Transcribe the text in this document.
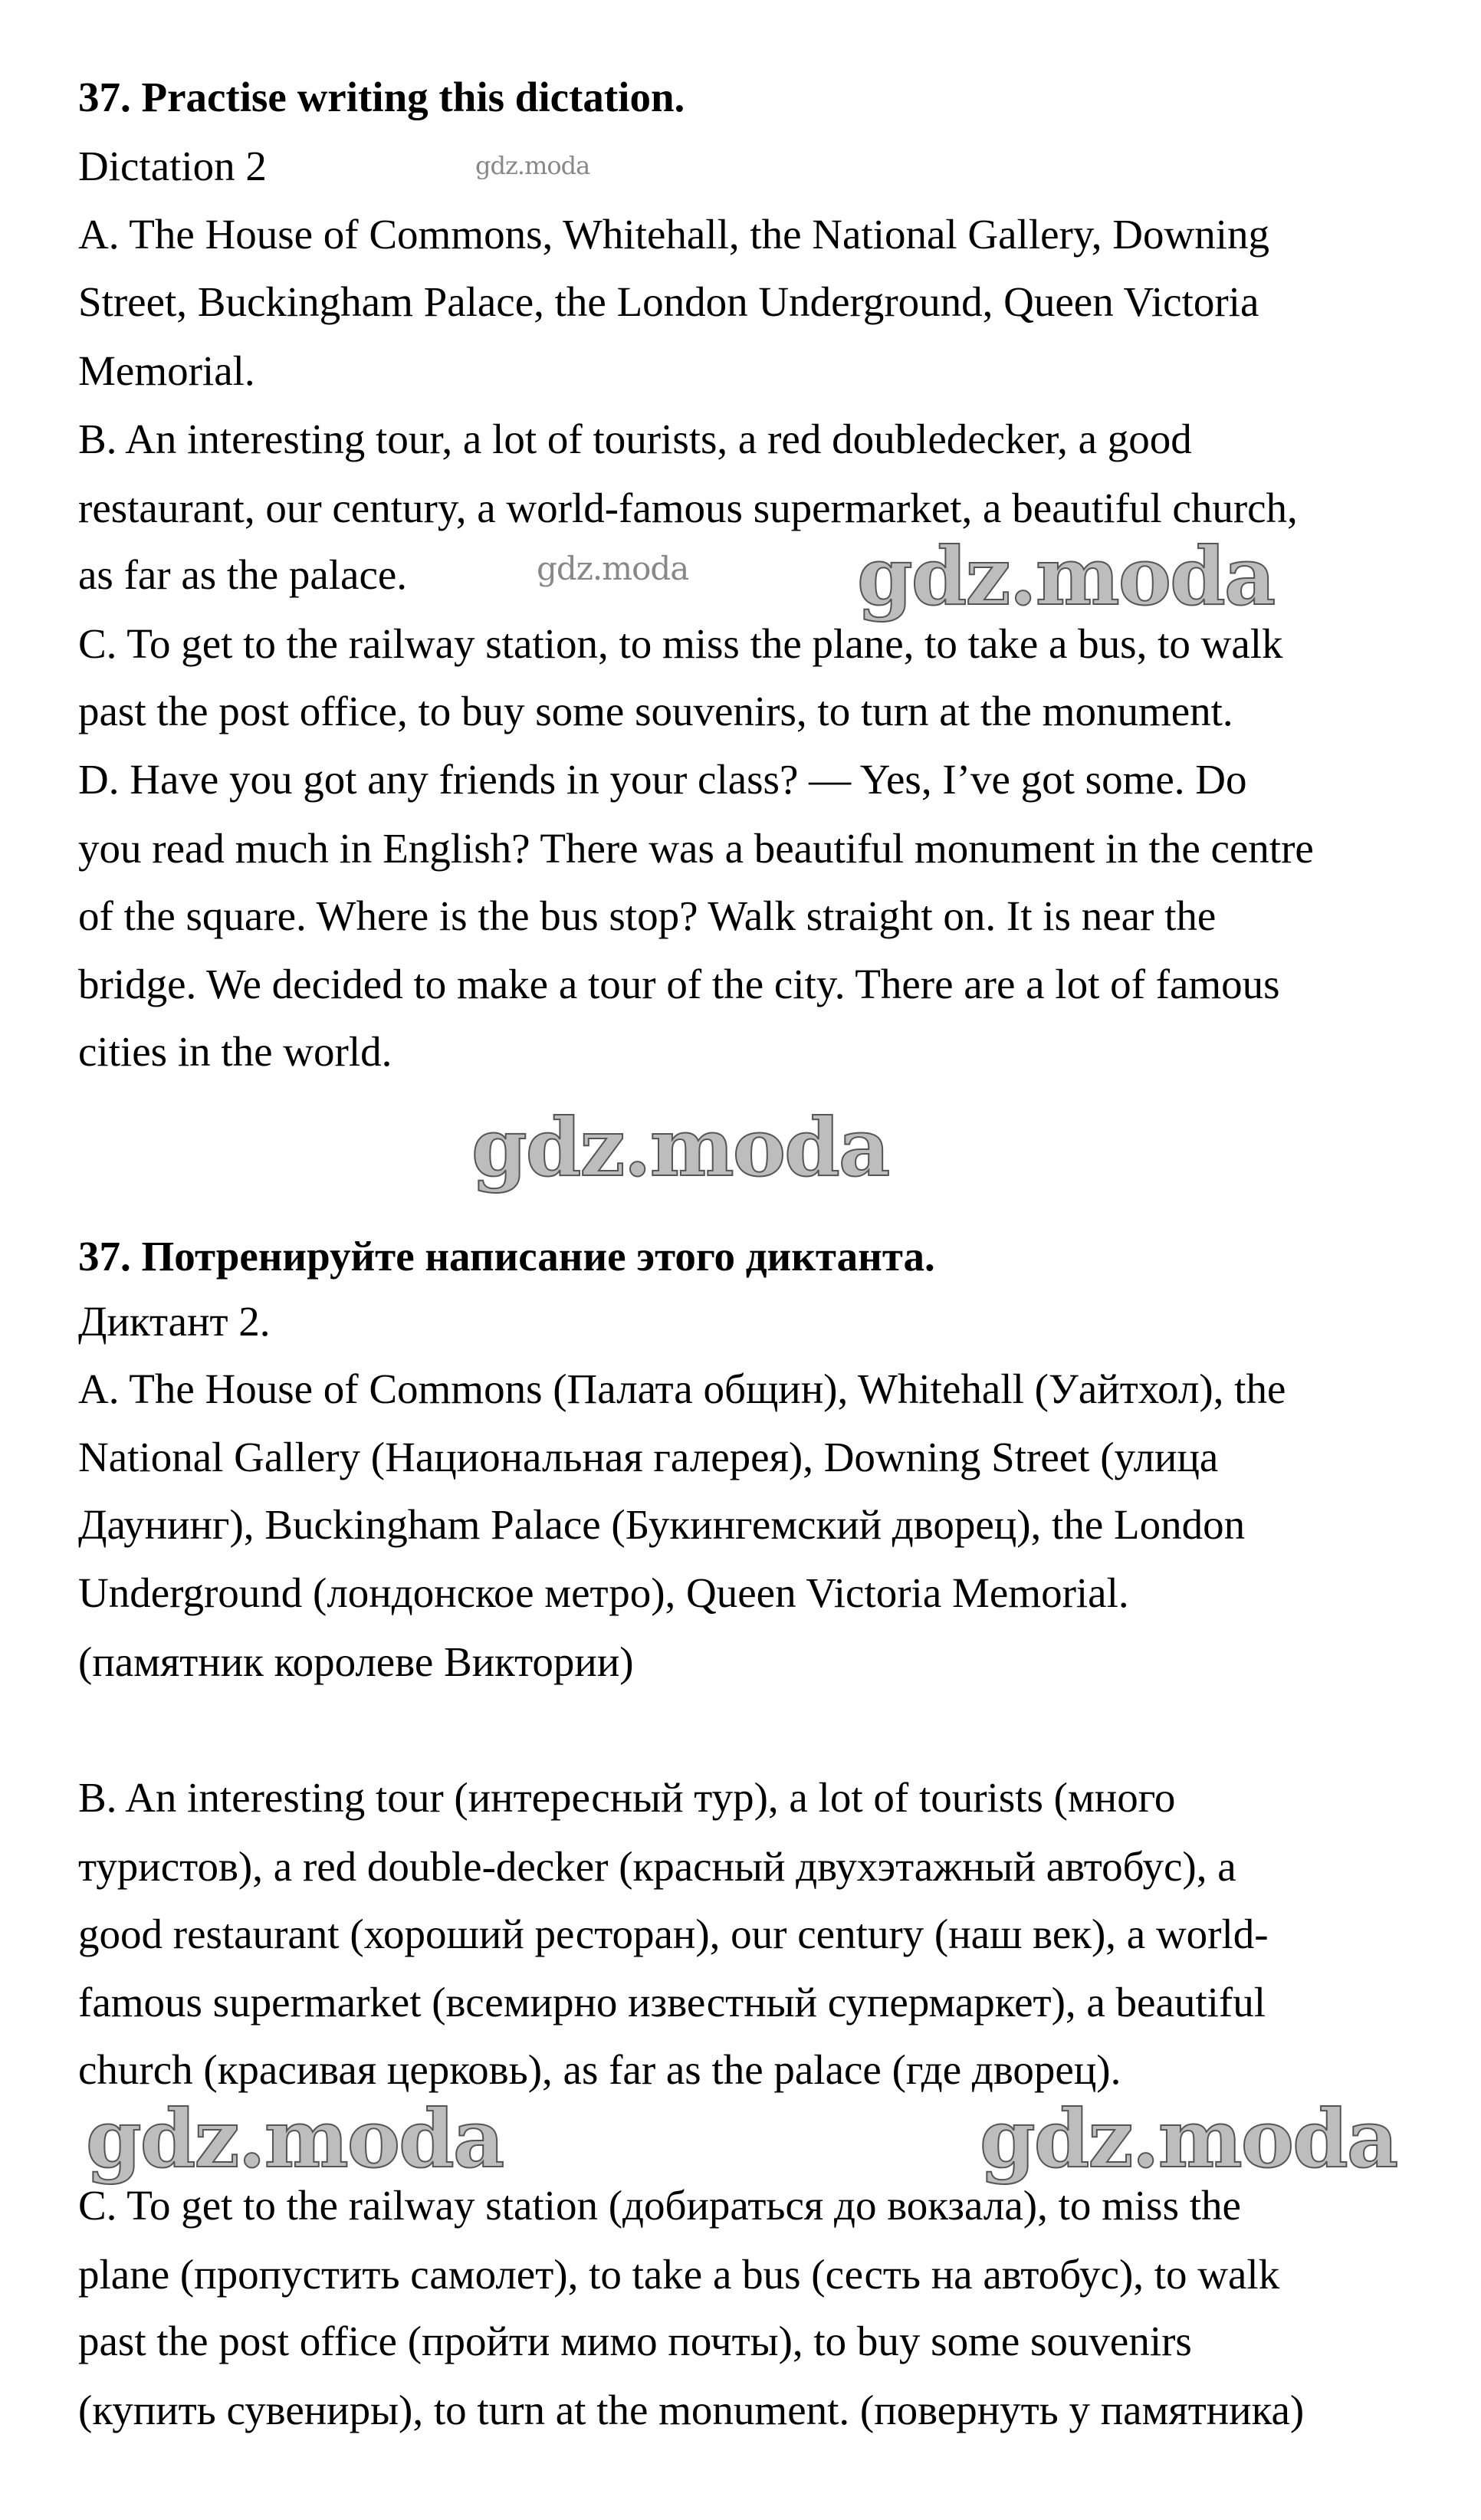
gdz.moda
gdz.moda gdz.moda
gdz.moda
gdz.moda	gdz.moda
37. Practise writing this dictation.
Dictation 2
A. The House of Commons, Whitehall, the National Gallery, Downing
Street, Buckingham Palace, the London Underground, Queen Victoria
Memorial.
B. An interesting tour, a lot of tourists, a red doubledecker, a good
restaurant, our century, a world-famous supermarket, a beautiful church,
as far as the palace.
C. To get to the railway station, to miss the plane, to take a bus, to walk
past the post office, to buy some souvenirs, to turn at the monument.
D. Have you got any friends in your class? — Yes, I’ve got some. Do
you read much in English? There was a beautiful monument in the centre
of the square. Where is the bus stop? Walk straight on. It is near the
bridge. We decided to make a tour of the city. There are a lot of famous
cities in the world.
37. Потренируйте написание этого диктанта.
Диктант 2.
A. The House of Commons (Палата общин), Whitehall (Уайтхол), the
National Gallery (Национальная галерея), Downing Street (улица
Даунинг), Buckingham Palace (Букингемский дворец), the London
Underground (лондонское метро), Queen Victoria Memorial.
(памятник королеве Виктории)
B. An interesting tour (интересный тур), a lot of tourists (много
туристов), a red double-decker (красный двухэтажный автобус), a
good restaurant (хороший ресторан), our century (наш век), a world-
famous supermarket (всемирно известный супермаркет), a beautiful
church (красивая церковь), as far as the palace (где дворец).
C. To get to the railway station (добираться до вокзала), to miss the
plane (пропустить самолет), to take a bus (сесть на автобус), to walk
past the post office (пройти мимо почты), to buy some souvenirs
(купить сувениры), to turn at the monument. (повернуть у памятника)
